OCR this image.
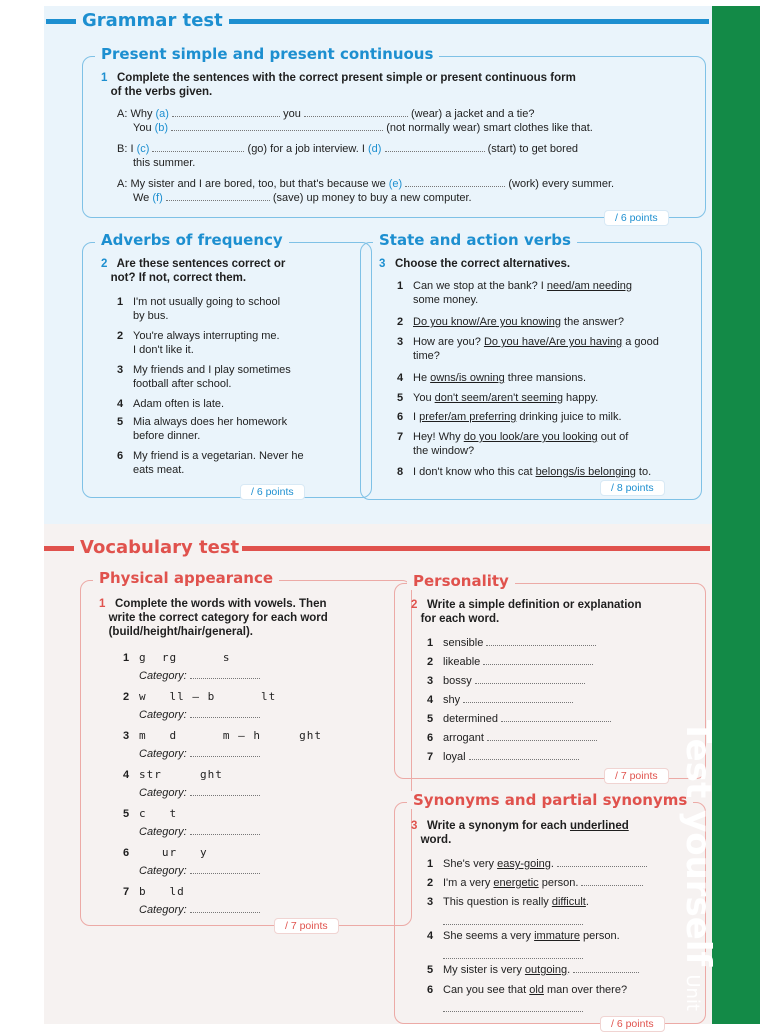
Grammar test
Present simple and present continuous
1 Complete the sentences with the correct present simple or present continuous form
of the verbs given.
A: Why (a)	you	(wear) a jacket and a tie?
You (b)	(not normally wear) smart clothes like that.
B: I (c)	(go) for a job interview. I (d)	(start) to get bored
this summer.
A: My sister and I are bored, too, but that's because we (e)	(work) every summer.
We (f)	(save) up money to buy a new computer.
/ 6 points
Adverbs of frequency
2 Are these sentences correct or
not? If not, correct them.
1 I'm not usually going to school
by bus.
2 You're always interrupting me.
I don't like it.
3 My friends and I play sometimes
football after school.
4 Adam often is late.

5 Mia always does her homework
before dinner.
6 My friend is a vegetarian. Never he
eats meat.
/ 6 points
State and action verbs
3 Choose the correct alternatives.
1 Can we stop at the bank? I need/am needing
some money.
2 Do you know/Are you knowing the answer?
3 How are you? Do you have/Are you having a good
time?
4 He owns/is owning three mansions.
5 You don't seem/aren't seeming happy.
6 I prefer/am preferring drinking juice to milk.
7 Hey! Why do you look/are you looking out of
the window?
8 I don't know who this cat belongs/is belonging to.
/ 8 points
Vocabulary test
Physical appearance
1 Complete the words with vowels. Then
write the correct category for each word
(build/height/hair/general).
1 g  rg      s
Category:
2 w   ll – b      lt
Category:
3 m   d      m – h     ght
Category:
4 str     ght
Category:
5 c   t
Category:
6   ur   y
Category:
7 b   ld
Category:
/ 7 points
Personality
2 Write a simple definition or explanation
for each word.
1 sensible
2 likeable
3 bossy
4 shy
5 determined
6 arrogant
7 loyal
/ 7 points
Synonyms and partial synonyms
3 Write a synonym for each underlined
word.
1 She's very easy-going.
2 I'm a very energetic person.
3 This question is really difficult.
4 She seems a very immature person.
5 My sister is very outgoing.
6 Can you see that old man over there?
/ 6 points
Test yourselfUnit
